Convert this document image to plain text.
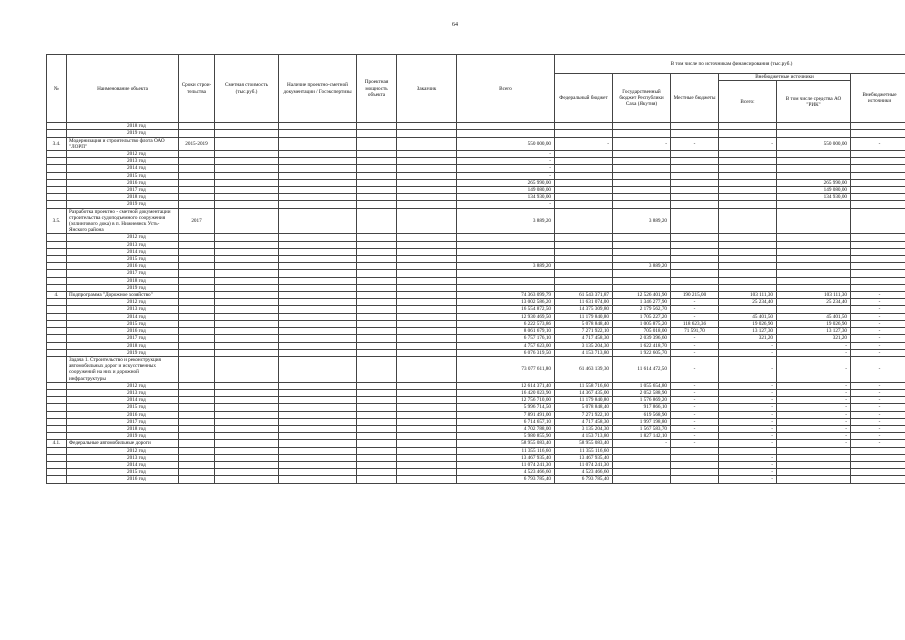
64
№	Наименование объекта	Сроки строи-тельства	Сметная стоимость (тыс.руб.)	Наличие проектно-сметной документации / Госэкспертизы	Проектная мощность объекта	Заказчик	Всего	В том числе по источникам финансирования (тыс.руб.)					
								Федеральный бюджет	Государственный бюджет Республики Саха (Якутия)	Местные бюджеты	Внебюджетные источники		Внебюджетные источники
											Всего:	В том числе средства АО "РИК"	
	2018 год												
	2019 год												
3.4.	Модернизация и строительство флота ОАО "ЛОРП"	2015-2019					550 000,00	-	-	-	-	550 000,00	-
	2012 год						-						
	2013 год						-						
	2014 год						-						
	2015 год						-						
	2016 год						265 990,00					265 990,00	
	2017 год						149 080,00					149 080,00	
	2018 год						134 930,00					134 930,00	
	2019 год						-						
3.5.	Разработка проектно - сметной документации строительства судоподъемного сооружения (эллингового дока) в п. Нижнеянск Усть-Янского района	2017					3 889,20		3 889,20				
	2012 год												
	2013 год												
	2014 год												
	2015 год												
	2016 год						3 889,20		3 889,20				
	2017 год												
	2018 год												
	2019 год												
4.	Подпрограмма "Дорожное хозяйство"						74 363 099,79	61 543 371,87	12 526 401,90	190 215,00	103 111,30	103 111,30	-
	2012 год						13 002 586,20	11 631 074,00	1 346 277,90	-	25 234,40	25 234,40	-
	2013 год						16 554 872,50	14 375 309,80	2 179 562,70	-			-
	2014 год						12 930 469,50	11 179 840,80	1 705 227,20	-	45 401,50	45 401,50	-
	2015 год						6 222 573,86	5 078 848,40	1 005 875,20	118 623,36	19 026,90	19 026,90	-
	2016 год						8 061 679,10	7 271 922,10	705 018,00	71 591,70	13 127,30	13 127,30	-
	2017 год						6 757 176,10	4 717 458,30	2 039 396,60	-	321,20	321,20	-
	2018 год						4 757 623,00	3 135 204,30	1 622 418,70	-	-	-	-
	2019 год						6 076 319,50	4 153 713,80	1 922 605,70	-	-	-	-
	Задача 1. Строительство и реконструкция автомобильных дорог и искусственных сооружений на них и дорожной инфраструктуры						73 077 611,80	61 463 139,30	11 614 472,50	-	-	-	-
	2012 год						12 614 371,40	11 558 716,60	1 055 654,80	-	-	-	-
	2013 год						16 420 023,90	14 367 435,00	2 052 588,90	-	-	-	-
	2014 год						12 756 710,00	11 179 840,80	1 576 869,20	-	-	-	-
	2015 год						5 996 714,50	5 078 848,40	917 866,10	-	-	-	-
	2016 год						7 891 491,00	7 271 922,10	619 568,90	-	-	-	-
	2017 год						6 714 657,10	4 717 458,30	1 997 198,80	-	-	-	-
	2018 год						4 702 788,00	3 135 204,30	1 567 583,70	-	-	-	-
	2019 год						5 980 855,90	4 153 713,80	1 827 142,10	-	-	-	-
4.1.	Федеральные автомобильные дороги						58 955 083,40	58 955 083,40	-	-	-	-	-
	2012 год						11 355 116,60	11 355 116,60					
	2013 год						13 467 935,40	13 467 935,40			-		
	2014 год						11 074 241,30	11 074 241,30			-		
	2015 год						4 523 466,60	4 523 466,60			-		
	2016 год						6 793 785,40	6 793 785,40			-		
